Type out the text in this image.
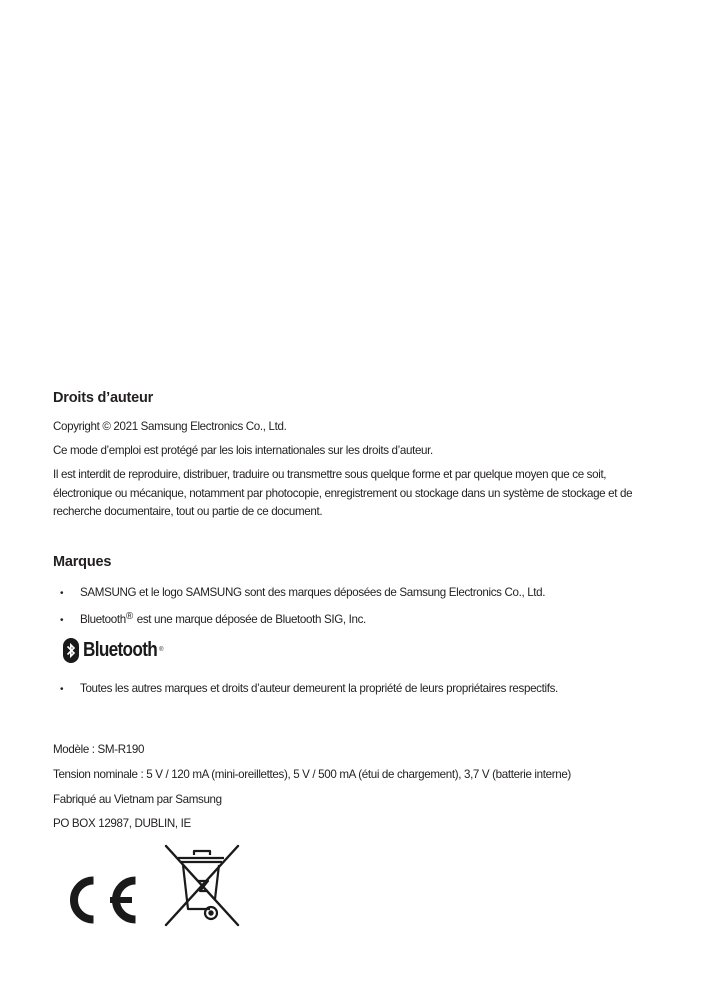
Droits d’auteur
Copyright © 2021 Samsung Electronics Co., Ltd.
Ce mode d’emploi est protégé par les lois internationales sur les droits d’auteur.
Il est interdit de reproduire, distribuer, traduire ou transmettre sous quelque forme et par quelque moyen que ce soit, électronique ou mécanique, notamment par photocopie, enregistrement ou stockage dans un système de stockage et de recherche documentaire, tout ou partie de ce document.
Marques
• SAMSUNG et le logo SAMSUNG sont des marques déposées de Samsung Electronics Co., Ltd.
• Bluetooth® est une marque déposée de Bluetooth SIG, Inc.
Bluetooth ®
• Toutes les autres marques et droits d’auteur demeurent la propriété de leurs propriétaires respectifs.
Modèle : SM-R190
Tension nominale : 5 V / 120 mA (mini-oreillettes), 5 V / 500 mA (étui de chargement), 3,7 V (batterie interne)
Fabriqué au Vietnam par Samsung
PO BOX 12987, DUBLIN, IE
